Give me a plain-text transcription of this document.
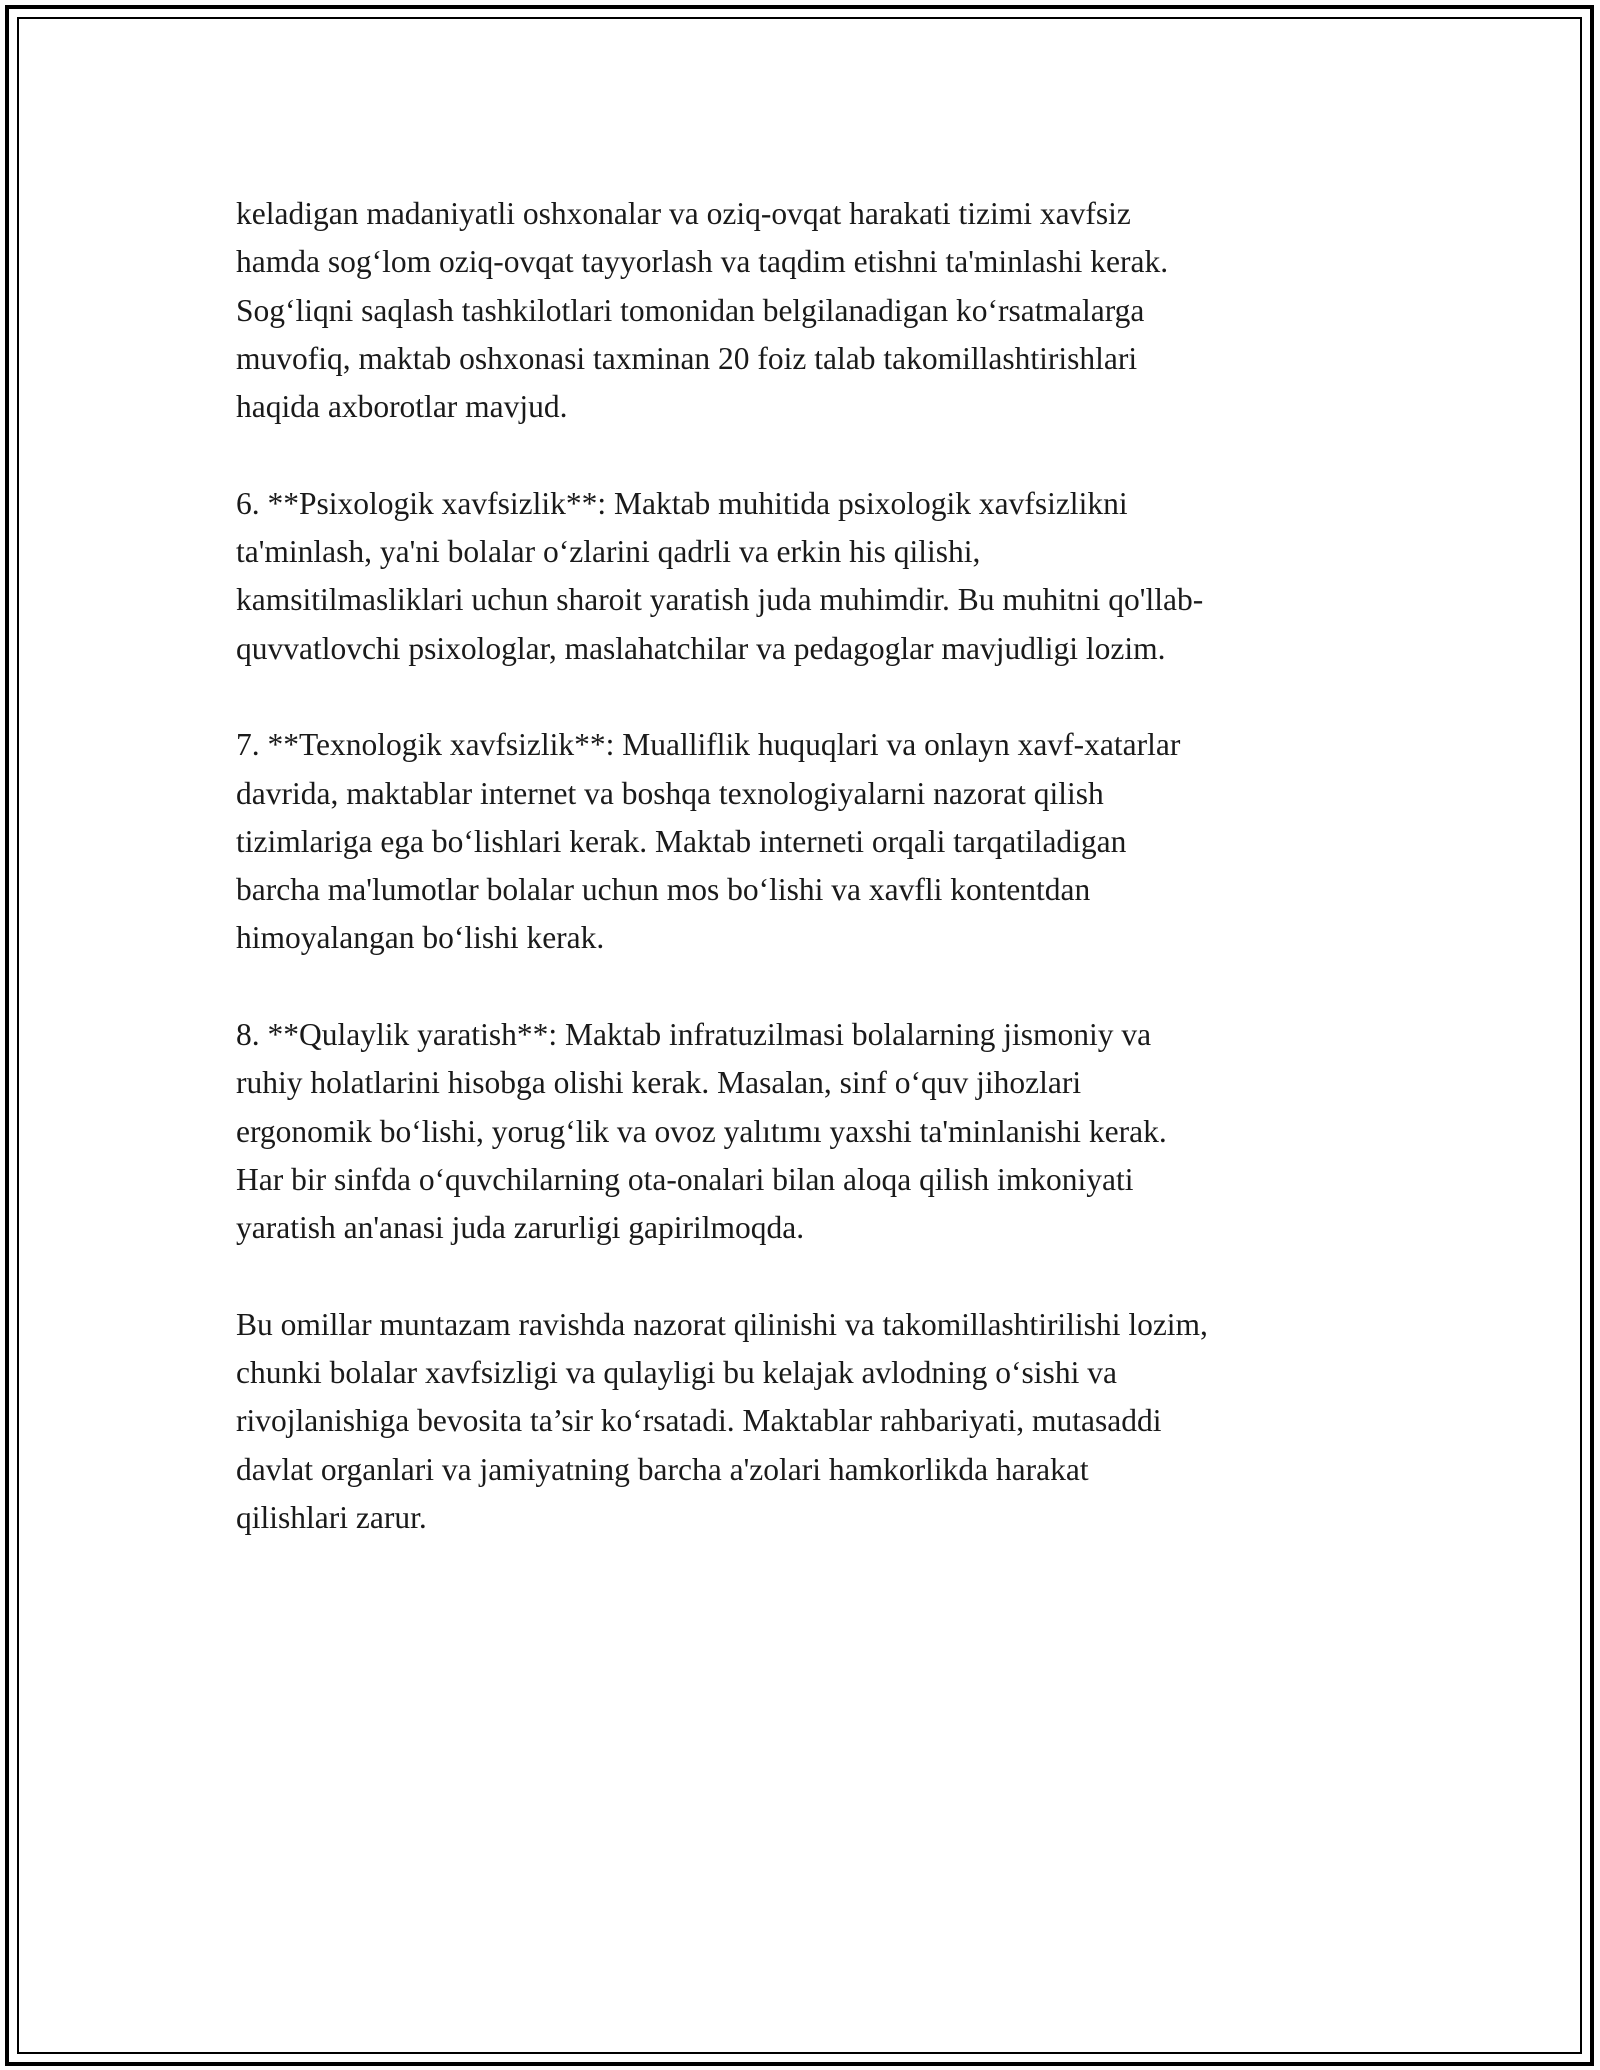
keladigan madaniyatli oshxonalar va oziq-ovqat harakati tizimi xavfsiz
hamda sog‘lom oziq-ovqat tayyorlash va taqdim etishni ta'minlashi kerak.
Sog‘liqni saqlash tashkilotlari tomonidan belgilanadigan ko‘rsatmalarga
muvofiq, maktab oshxonasi taxminan 20 foiz talab takomillashtirishlari
haqida axborotlar mavjud.

6. **Psixologik xavfsizlik**: Maktab muhitida psixologik xavfsizlikni
ta'minlash, ya'ni bolalar o‘zlarini qadrli va erkin his qilishi,
kamsitilmasliklari uchun sharoit yaratish juda muhimdir. Bu muhitni qo'llab-
quvvatlovchi psixologlar, maslahatchilar va pedagoglar mavjudligi lozim.

7. **Texnologik xavfsizlik**: Mualliflik huquqlari va onlayn xavf-xatarlar
davrida, maktablar internet va boshqa texnologiyalarni nazorat qilish
tizimlariga ega bo‘lishlari kerak. Maktab interneti orqali tarqatiladigan
barcha ma'lumotlar bolalar uchun mos bo‘lishi va xavfli kontentdan
himoyalangan bo‘lishi kerak.

8. **Qulaylik yaratish**: Maktab infratuzilmasi bolalarning jismoniy va
ruhiy holatlarini hisobga olishi kerak. Masalan, sinf o‘quv jihozlari
ergonomik bo‘lishi, yorug‘lik va ovoz yalıtımı yaxshi ta'minlanishi kerak.
Har bir sinfda o‘quvchilarning ota-onalari bilan aloqa qilish imkoniyati
yaratish an'anasi juda zarurligi gapirilmoqda.

Bu omillar muntazam ravishda nazorat qilinishi va takomillashtirilishi lozim,
chunki bolalar xavfsizligi va qulayligi bu kelajak avlodning o‘sishi va
rivojlanishiga bevosita ta’sir ko‘rsatadi. Maktablar rahbariyati, mutasaddi
davlat organlari va jamiyatning barcha a'zolari hamkorlikda harakat
qilishlari zarur.
